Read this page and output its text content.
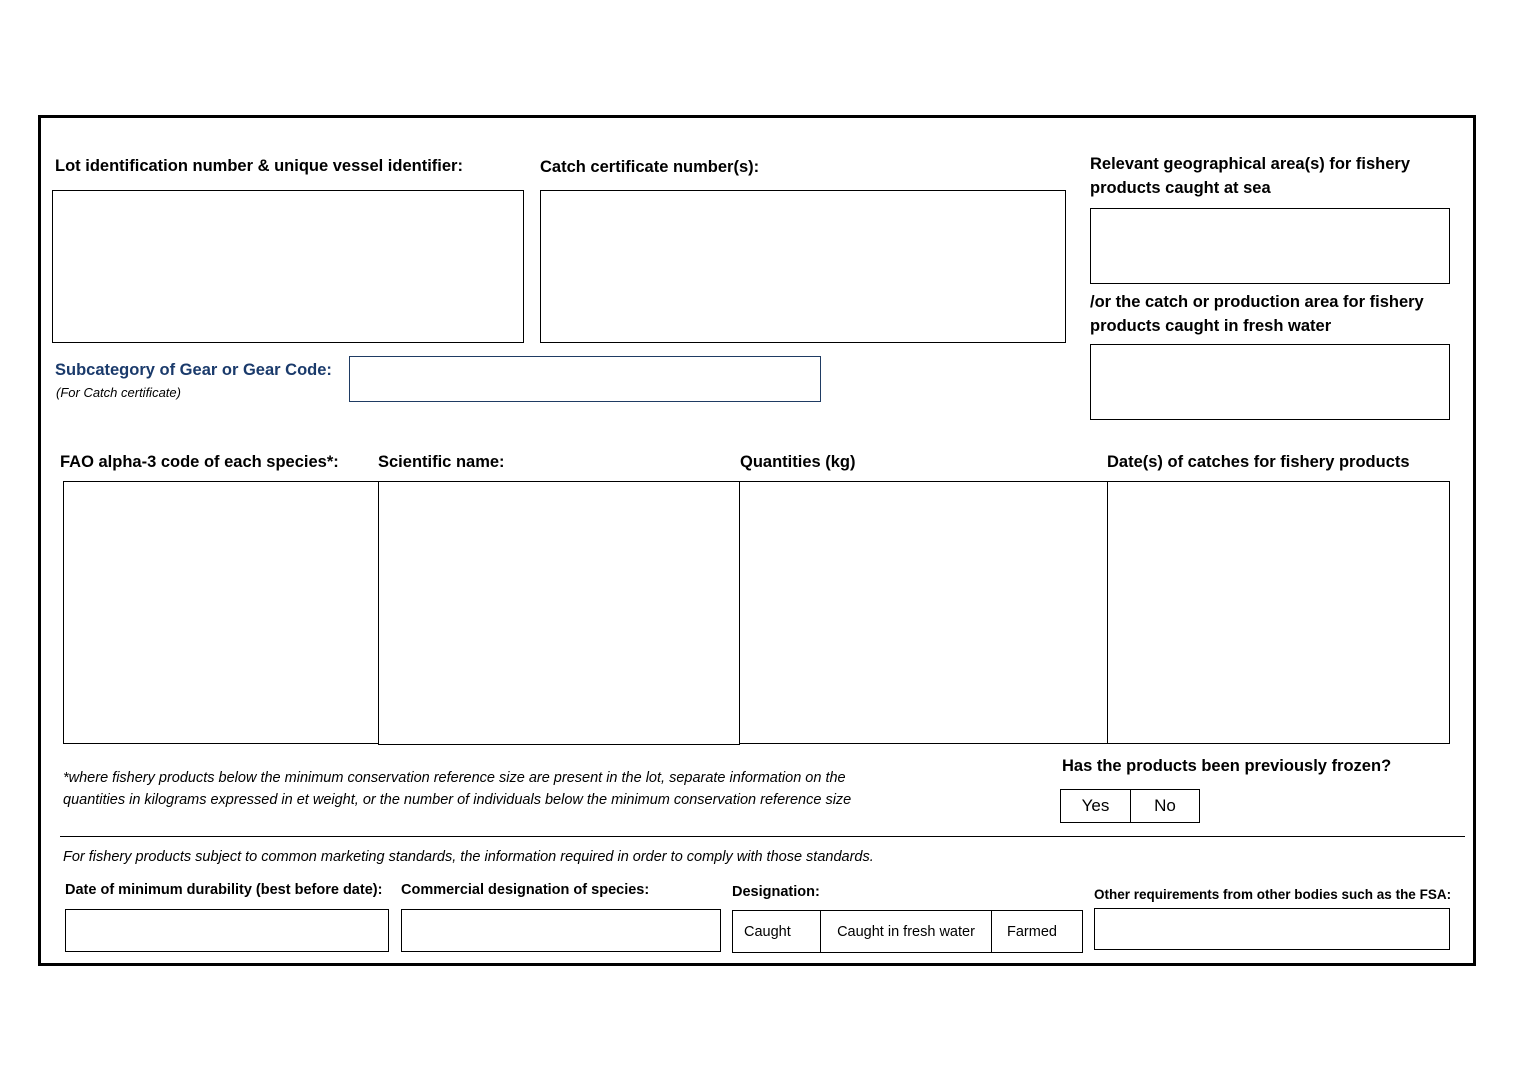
Lot identification number & unique vessel identifier:	Catch certificate number(s):	Relevant geographical area(s) for fishery products caught at sea
/or the catch or production area for fishery products caught in fresh water
Subcategory of Gear or Gear Code:
(For Catch certificate)
FAO alpha-3 code of each species*: Scientific name:	Quantities (kg)	Date(s) of catches for fishery products
*where fishery products below the minimum conservation reference size are present in the lot, separate information on the quantities in kilograms expressed in et weight, or the number of individuals below the minimum conservation reference size
Has the products been previously frozen?
Yes	No
For fishery products subject to common marketing standards, the information required in order to comply with those standards.
Date of minimum durability (best before date): Commercial designation of species:	Designation:	Other requirements from other bodies such as the FSA:
Caught	Caught in fresh water	Farmed
